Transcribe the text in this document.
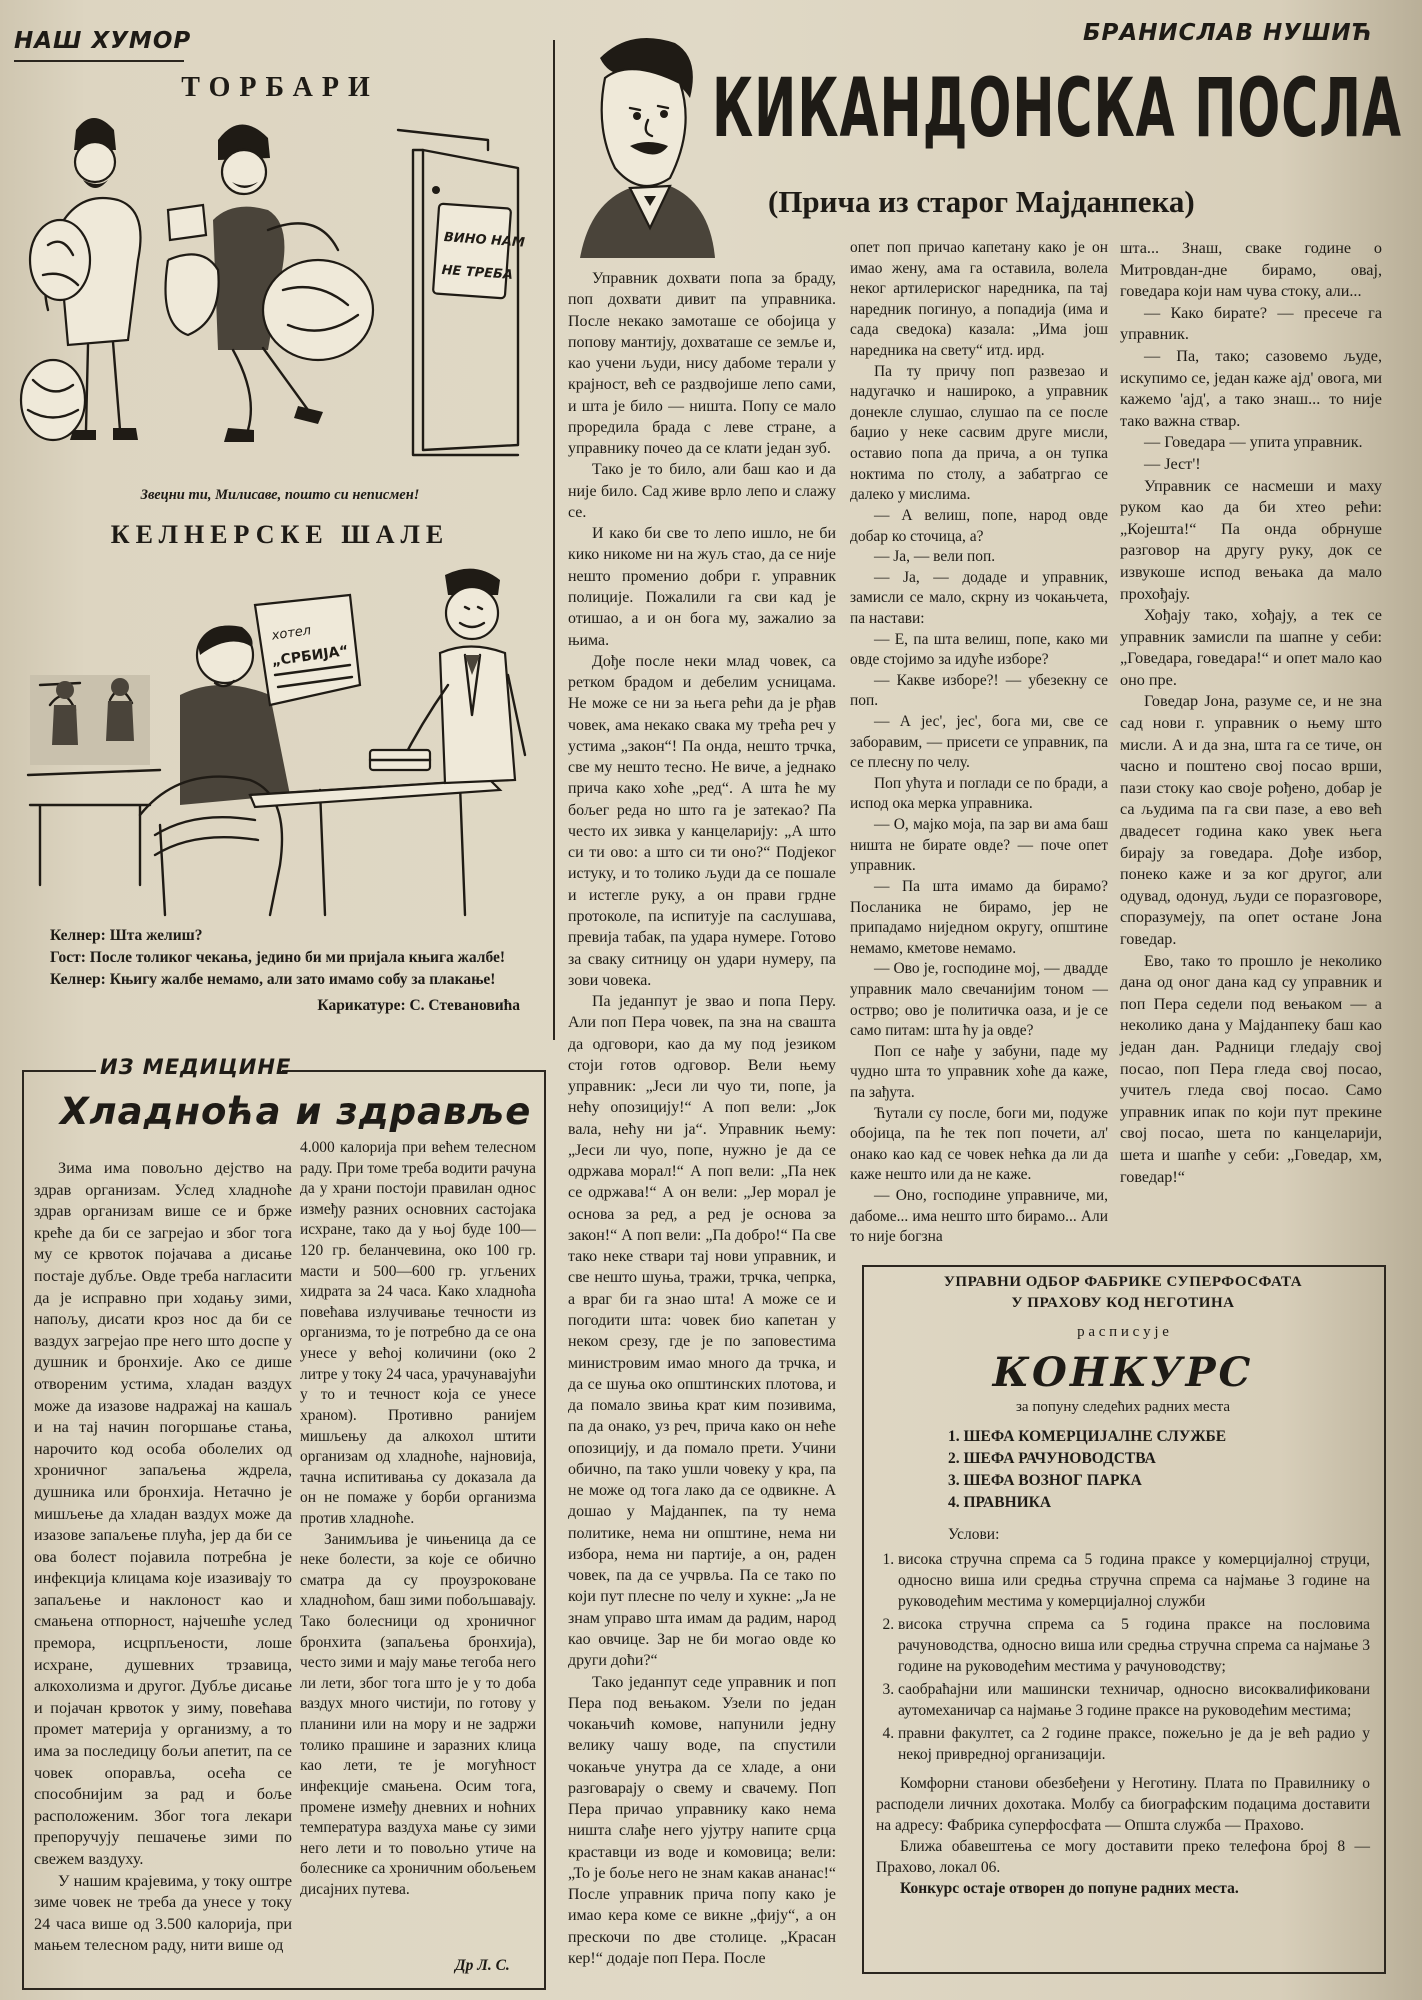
НАШ ХУМОР	БРАНИСЛАВ НУШИЋ
ТОРБАРИ
ВИНО НАМ
НЕ ТРЕБА
Звецни ти, Милисаве, пошто си неписмен!
КЕЛНЕРСКЕ ШАЛЕ
хотел
„СРБИЈА“
Келнер: Шта желиш?
Гост: После толиког чекања, једино би ми пријала књига жалбе!
Келнер: Књигу жалбе немамо, али зато имамо собу за плакање!
Карикатуре: С. Стевановића
ИЗ МЕДИЦИНЕ
Хладноћа и здравље

Зима има повољно дејство на здрав организам. Услед хладноће здрав организам више се и брже креће да би се загрејао и због тога му се крвоток појачава а дисање постаје дубље. Овде треба нагласити да је исправно при ходању зими, напољу, дисати кроз нос да би се ваздух загрејао пре него што доспе у душник и бронхије. Ако се дише отвореним устима, хладан ваздух може да изазове надражај на кашаљ и на тај начин погоршање стања, нарочито код особа оболелих од хроничног запаљења ждрела, душника или бронхија. Нетачно је мишљење да хладан ваздух може да изазове запаљење плућа, јер да би се ова болест појавила потребна је инфекција клицама које изазивају то запаљење и наклоност као и смањена отпорност, најчешће услед премора, исцрпљености, лоше исхране, душевних трзавица, алкохолизма и другог. Дубље дисање и појачан крвоток у зиму, повећава промет материја у организму, а то има за последицу бољи апетит, па се човек опоравља, осећа се способнијим за рад и боље расположеним. Због тога лекари препоручују пешачење зими по свежем ваздуху.

У нашим крајевима, у току оштре зиме човек не треба да унесе у току 24 часа више од 3.500 калорија, при мањем телесном раду, нити више од

4.000 калорија при већем телесном раду. При томе треба водити рачуна да у храни постоји правилан однос између разних основних састојака исхране, тако да у њој буде 100—120 гр. беланчевина, око 100 гр. масти и 500—600 гр. угљених хидрата за 24 часа. Како хладноћа повећава излучивање течности из организма, то је потребно да се она унесе у већој количини (око 2 литре у току 24 часа, урачунавајући у то и течност која се унесе храном). Противно ранијем мишљењу да алкохол штити организам од хладноће, најновија, тачна испитивања су доказала да он не помаже у борби организма против хладноће.

Занимљива је чињеница да се неке болести, за које се обично сматра да су проузроковане хладноћом, баш зими побољшавају. Тако болесници од хроничног бронхита (запаљења бронхија), често зими и мају мање тегоба него ли лети, због тога што је у то доба ваздух много чистији, по готову у планини или на мору и не задржи толико прашине и заразних клица као лети, те је могућност инфекције смањена. Осим тога, промене између дневних и ноћних температура ваздуха мање су зими него лети и то повољно утиче на болеснике са хроничним обољењем дисајних путева.

Др Л. С.
КИКАНДОНСКА ПОСЛА
(Прича из старог Мајданпека)

Управник дохвати попа за браду, поп дохвати дивит па управника. После некако замоташе се обојица у попову мантију, дохваташе се земље и, као учени људи, нису дабоме терали у крајност, већ се раздвојише лепо сами, и шта је било — ништа. Попу се мало проредила брада с леве стране, а управнику почео да се клати један зуб.

Тако је то било, али баш као и да није било. Сад живе врло лепо и слажу се.

И како би све то лепо ишло, не би кико никоме ни на жуљ стао, да се није нешто променио добри г. управник полиције. Пожалили га сви кад је отишао, а и он бога му, зажалио за њима.

Дође после неки млад човек, са ретком брадом и дебелим усницама. Не може се ни за њега рећи да је рђав човек, ама некако свака му трећа реч у устима „закон“! Па онда, нешто трчка, све му нешто тесно. Не виче, а једнако прича како хоће „ред“. А шта ће му бољег реда но што га је затекао? Па често их зивка у канцеларију: „А што си ти ово: а што си ти оно?“ Подјеког истуку, и то толико људи да се пошале и истегле руку, а он прави грдне протоколе, па испитује па саслушава, превија табак, па удара нумере. Готово за сваку ситницу он удари нумеру, па зови човека.

Па једанпут је звао и попа Перу. Али поп Пера човек, па зна на свашта да одговори, као да му под језиком стоји готов одговор. Вели њему управник: „Јеси ли чуо ти, попе, ја нећу опозицију!“ А поп вели: „Јок вала, нећу ни ја“. Управник њему: „Јеси ли чуо, попе, нужно је да се одржава морал!“ А поп вели: „Па нек се одржава!“ А он вели: „Јер морал је основа за ред, а ред је основа за закон!“ А поп вели: „Па добро!“ Па све тако неке ствари тај нови управник, и све нешто шуња, тражи, трчка, чепрка, а враг би га знао шта! А може се и погодити шта: човек био капетан у неком срезу, где је по заповестима министровим имао много да трчка, и да се шуња око општинских плотова, и да помало звиња крат ким позивима, па да онако, уз реч, прича како он неће опозицију, и да помало прети. Учини обично, па тако ушли човеку у кра, па не може од тога лако да се одвикне. А дошао у Мајданпек, па ту нема политике, нема ни општине, нема ни избора, нема ни партије, а он, раден човек, па да се учрвља. Па се тако по који пут плесне по челу и хукне: „Ја не знам управо шта имам да радим, народ као овчице. Зар не би могао овде ко други доћи?“

Тако једанпут седе управник и поп Пера под вењаком. Узели по један чокањчић комове, напунили једну велику чашу воде, па спустили чокањче унутра да се хладе, а они разговарају о свему и свачему. Поп Пера причао управнику како нема ништа слађе него ујутру напите срца краставци из воде и комовица; вели: „То је боље него не знам какав ананас!“ После управник прича попу како је имао кера коме се викне „фију“, а он прескочи по две столице. „Красан кер!“ додаје поп Пера. После

опет поп причао капетану како је он имао жену, ама га оставила, волела неког артилериског наредника, па тај наредник погинуо, а попадија (има и сада сведока) казала: „Има још наредника на свету“ итд. ирд.

Па ту причу поп развезао и надугачко и нашироко, а управник донекле слушао, слушао па се после баџио у неке сасвим друге мисли, оставио попа да прича, а он тупка ноктима по столу, а забатргао се далеко у мислима.

— А велиш, попе, народ овде добар ко сточица, а?

— Ја, — вели поп.

— Ја, — додаде и управник, замисли се мало, скрну из чокањчета, па настави:

— Е, па шта велиш, попе, како ми овде стојимо за идуће изборе?

— Какве изборе?! — убезекну се поп.

— А јес', јес', бога ми, све се заборавим, — присети се управник, па се плесну по челу.

Поп ућута и поглади се по бради, а испод ока мерка управника.

— О, мајко моја, па зар ви ама баш ништа не бирате овде? — поче опет управник.

— Па шта имамо да бирамо? Посланика не бирамо, јер не припадамо ниједном округу, општине немамо, кметове немамо.

— Ово је, господине мој, — двадде управник мало свечанијим тоном — острво; ово је политичка оаза, и је се само питам: шта ћу ја овде?

Поп се нађе у забуни, паде му чудно шта то управник хоће да каже, па зађута.

Ћутали су после, боги ми, подуже обојица, па ће тек поп почети, ал' онако као кад се човек нећка да ли да каже нешто или да не каже.

— Оно, господине управниче, ми, дабоме... има нешто што бирамо... Али то није богзна

шта... Знаш, сваке године о Митровдан-дне бирамо, овај, говедара који нам чува стоку, али...

— Како бирате? — пресече га управник.

— Па, тако; сазовемо људе, искупимо се, један каже ајд' овога, ми кажемо 'ајд', а тако знаш... то није тако важна ствар.

— Говедара — упита управник.

— Јест'!

Управник се насмеши и маху руком као да би хтео рећи: „Којешта!“ Па онда обрнуше разговор на другу руку, док се извукоше испод вењака да мало прохођају.

Хођају тако, хођају, а тек се управник замисли па шапне у себи: „Говедара, говедара!“ и опет мало као оно пре.

Говедар Јона, разуме се, и не зна сад нови г. управник о њему што мисли. А и да зна, шта га се тиче, он часно и поштено свој посао врши, пази стоку као своје рођено, добар је са људима па га сви пазе, а ево већ двадесет година како увек њега бирају за говедара. Дође избор, понеко каже и за ког другог, али одувад, одонуд, људи се поразговоре, споразумеју, па опет остане Јона говедар.

Ево, тако то прошло је неколико дана од оног дана кад су управник и поп Пера седели под вењаком — а неколико дана у Мајданпеку баш као један дан. Радници гледају свој посао, поп Пера гледа свој посао, учитељ гледа свој посао. Само управник ипак по који пут прекине свој посао, шета по канцеларији, шета и шапће у себи: „Говедар, хм, говедар!“

УПРАВНИ ОДБОР ФАБРИКЕ СУПЕРФОСФАТА
У ПРАХОВУ КОД НЕГОТИНА
р а с п и с у ј е
КОНКУРС
за попуну следећих радних места
1. ШЕФА КОМЕРЦИЈАЛНЕ СЛУЖБЕ
2. ШЕФА РАЧУНОВОДСТВА
3. ШЕФА ВОЗНОГ ПАРКА
4. ПРАВНИКА
Услови:
1. висока стручна спрема са 5 година праксе у комерцијалној струци, односно виша или средња стручна спрема са најмање 3 године на руководећим местима у комерцијалној служби
2. висока стручна спрема са 5 година праксе на пословима рачуноводства, односно виша или средња стручна спрема са најмање 3 године на руководећим местима у рачуноводству;
3. саобраћајни или машински техничар, односно високвалификовани аутомеханичар са најмање 3 године праксе на руководећим местима;
4. правни факултет, са 2 године праксе, пожељно је да је већ радио у некој привредној организацији.
Комфорни станови обезбеђени у Неготину. Плата по Правилнику о расподели личних дохотака. Молбу са биографским подацима доставити на адресу: Фабрика суперфосфата — Општа служба — Прахово.
Ближа обавештења се могу доставити преко телефона број 8 — Прахово, локал 06.
Конкурс остаје отворен до попуне радних места.
